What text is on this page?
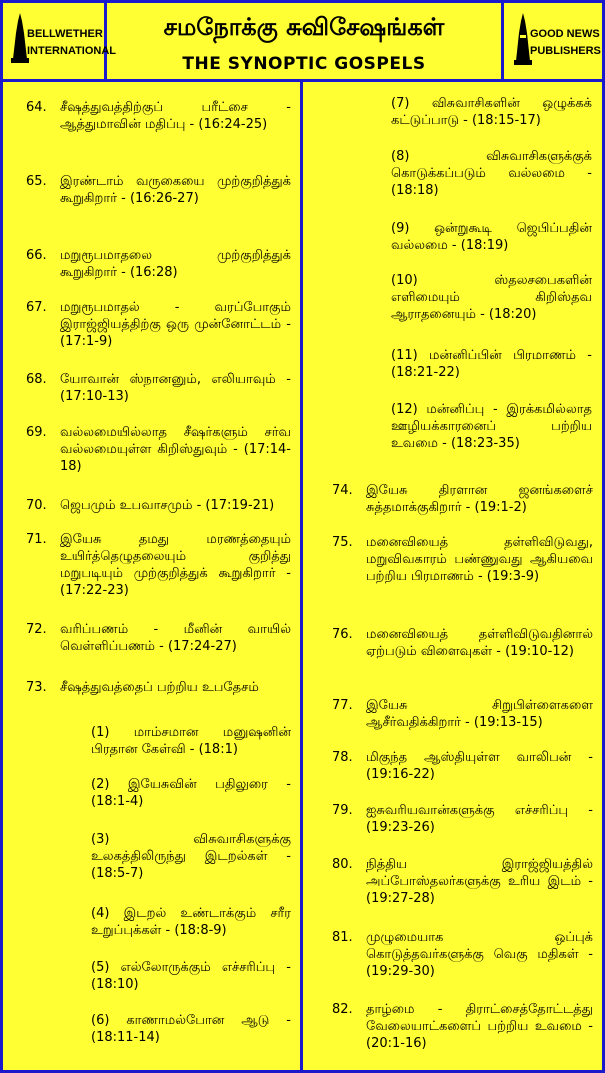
BELLWETHER
INTERNATIONAL
சமநோக்கு சுவிசேஷங்கள்
THE SYNOPTIC GOSPELS
GOOD NEWS
PUBLISHERS
64. சீஷத்துவத்திற்குப் பரீட்சை - ஆத்துமாவின் மதிப்பு - (16:24-25)
65. இரண்டாம் வருகையை முற்குறித்துக் கூறுகிறார் - (16:26-27)
66. மறுரூபமாதலை முற்குறித்துக் கூறுகிறார் - (16:28)
67. மறுரூபமாதல் - வரப்போகும் இராஜ்ஜியத்திற்கு ஒரு முன்னோட்டம் - (17:1-9)
68. யோவான் ஸ்நானனும், எலியாவும் - (17:10-13)
69. வல்லமையில்லாத சீஷர்களும் சர்வ வல்லமையுள்ள கிறிஸ்துவும் - (17:14-18)
70. ஜெபமும் உபவாசமும் - (17:19-21)
71. இயேசு தமது மரணத்தையும் உயிர்த்தெழுதலையும் குறித்து மறுபடியும் முற்குறித்துக் கூறுகிறார் - (17:22-23)
72. வரிப்பணம் - மீனின் வாயில் வெள்ளிப்பணம் - (17:24-27)
73. சீஷத்துவத்தைப் பற்றிய உபதேசம்
(1) மாம்சமான மனுஷனின் பிரதான கேள்வி - (18:1)
(2) இயேசுவின் பதிலுரை - (18:1-4)
(3) விசுவாசிகளுக்கு உலகத்திலிருந்து இடறல்கள் - (18:5-7)
(4) இடறல் உண்டாக்கும் சரீர உறுப்புக்கள் - (18:8-9)
(5) எல்லோருக்கும் எச்சரிப்பு - (18:10)
(6) காணாமல்போன ஆடு - (18:11-14)
(7) விசுவாசிகளின் ஒழுக்கக் கட்டுப்பாடு - (18:15-17)
(8) விசுவாசிகளுக்குக் கொடுக்கப்படும் வல்லமை - (18:18)
(9) ஒன்றுகூடி ஜெபிப்பதின் வல்லமை - (18:19)
(10) ஸ்தலசபைகளின் எளிமையும் கிறிஸ்தவ ஆராதனையும் - (18:20)
(11) மன்னிப்பின் பிரமாணம் - (18:21-22)
(12) மன்னிப்பு - இரக்கமில்லாத ஊழியக்காரனைப் பற்றிய உவமை - (18:23-35)
74. இயேசு திரளான ஜனங்களைச் சுத்தமாக்குகிறார் - (19:1-2)
75. மனைவியைத் தள்ளிவிடுவது, மறுவிவகாரம் பண்ணுவது ஆகியவை பற்றிய பிரமாணம் - (19:3-9)
76. மனைவியைத் தள்ளிவிடுவதினால் ஏற்படும் விளைவுகள் - (19:10-12)
77. இயேசு சிறுபிள்ளைகளை ஆசீர்வதிக்கிறார் - (19:13-15)
78. மிகுந்த ஆஸ்தியுள்ள வாலிபன் - (19:16-22)
79. ஐசுவரியவான்களுக்கு எச்சரிப்பு - (19:23-26)
80. நித்திய இராஜ்ஜியத்தில் அப்போஸ்தலர்களுக்கு உரிய இடம் - (19:27-28)
81. முழுமையாக ஒப்புக் கொடுத்தவர்களுக்கு வெகு மதிகள் - (19:29-30)
82. தாழ்மை - திராட்சைத்தோட்டத்து வேலையாட்களைப் பற்றிய உவமை - (20:1-16)
